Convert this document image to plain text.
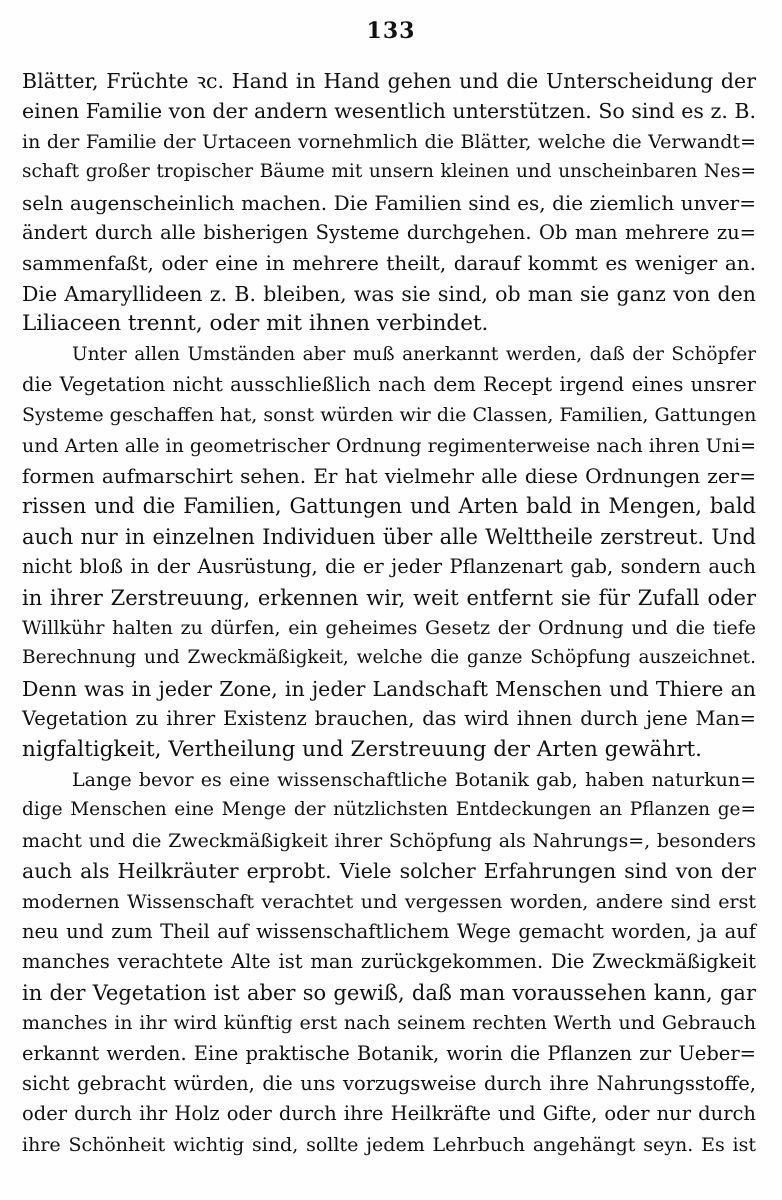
133
Blätter, Früchte ꝛc. Hand in Hand gehen und die Unterscheidung der
einen Familie von der andern wesentlich unterstützen. So sind es z. B.
in der Familie der Urtaceen vornehmlich die Blätter, welche die Verwandt=
schaft großer tropischer Bäume mit unsern kleinen und unscheinbaren Nes=
seln augenscheinlich machen. Die Familien sind es, die ziemlich unver=
ändert durch alle bisherigen Systeme durchgehen. Ob man mehrere zu=
sammenfaßt, oder eine in mehrere theilt, darauf kommt es weniger an.
Die Amaryllideen z. B. bleiben, was sie sind, ob man sie ganz von den
Liliaceen trennt, oder mit ihnen verbindet.
Unter allen Umständen aber muß anerkannt werden, daß der Schöpfer
die Vegetation nicht ausschließlich nach dem Recept irgend eines unsrer
Systeme geschaffen hat, sonst würden wir die Classen, Familien, Gattungen
und Arten alle in geometrischer Ordnung regimenterweise nach ihren Uni=
formen aufmarschirt sehen. Er hat vielmehr alle diese Ordnungen zer=
rissen und die Familien, Gattungen und Arten bald in Mengen, bald
auch nur in einzelnen Individuen über alle Welttheile zerstreut. Und
nicht bloß in der Ausrüstung, die er jeder Pflanzenart gab, sondern auch
in ihrer Zerstreuung, erkennen wir, weit entfernt sie für Zufall oder
Willkühr halten zu dürfen, ein geheimes Gesetz der Ordnung und die tiefe
Berechnung und Zweckmäßigkeit, welche die ganze Schöpfung auszeichnet.
Denn was in jeder Zone, in jeder Landschaft Menschen und Thiere an
Vegetation zu ihrer Existenz brauchen, das wird ihnen durch jene Man=
nigfaltigkeit, Vertheilung und Zerstreuung der Arten gewährt.
Lange bevor es eine wissenschaftliche Botanik gab, haben naturkun=
dige Menschen eine Menge der nützlichsten Entdeckungen an Pflanzen ge=
macht und die Zweckmäßigkeit ihrer Schöpfung als Nahrungs=, besonders
auch als Heilkräuter erprobt. Viele solcher Erfahrungen sind von der
modernen Wissenschaft verachtet und vergessen worden, andere sind erst
neu und zum Theil auf wissenschaftlichem Wege gemacht worden, ja auf
manches verachtete Alte ist man zurückgekommen. Die Zweckmäßigkeit
in der Vegetation ist aber so gewiß, daß man voraussehen kann, gar
manches in ihr wird künftig erst nach seinem rechten Werth und Gebrauch
erkannt werden. Eine praktische Botanik, worin die Pflanzen zur Ueber=
sicht gebracht würden, die uns vorzugsweise durch ihre Nahrungsstoffe,
oder durch ihr Holz oder durch ihre Heilkräfte und Gifte, oder nur durch
ihre Schönheit wichtig sind, sollte jedem Lehrbuch angehängt seyn. Es ist
